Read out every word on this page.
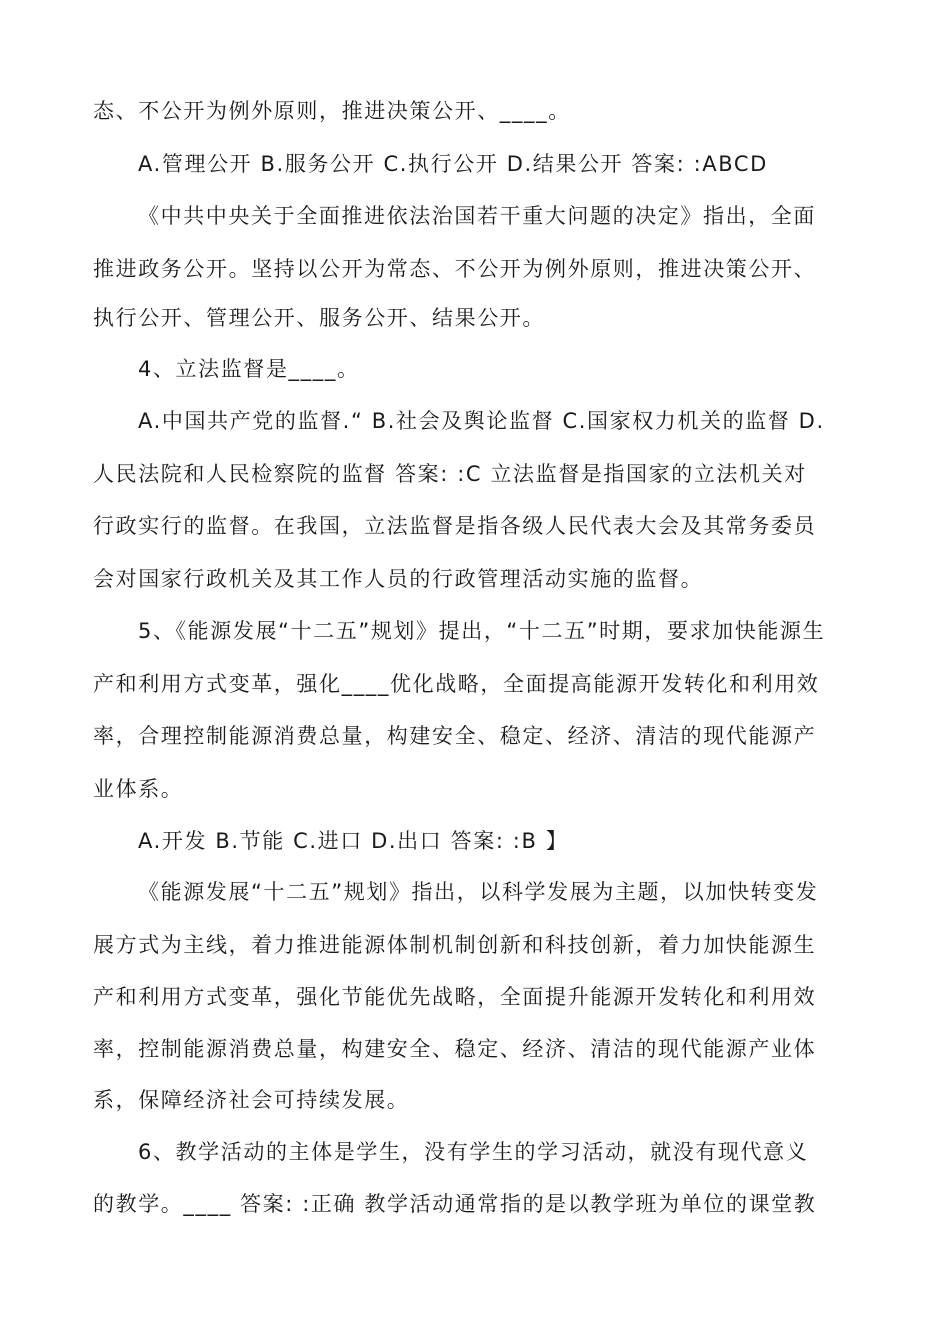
态、不公开为例外原则，推进决策公开、____。

A.管理公开 B.服务公开 C.执行公开 D.结果公开 答案: :ABCD

《中共中央关于全面推进依法治国若干重大问题的决定》指出，全面

推进政务公开。坚持以公开为常态、不公开为例外原则，推进决策公开、

执行公开、管理公开、服务公开、结果公开。

4、立法监督是____。

A.中国共产党的监督.“ B.社会及舆论监督 C.国家权力机关的监督 D.

人民法院和人民检察院的监督 答案: :C 立法监督是指国家的立法机关对

行政实行的监督。在我国，立法监督是指各级人民代表大会及其常务委员

会对国家行政机关及其工作人员的行政管理活动实施的监督。

5、《能源发展“十二五”规划》提出，“十二五”时期，要求加快能源生

产和利用方式变革，强化____优化战略，全面提高能源开发转化和利用效

率，合理控制能源消费总量，构建安全、稳定、经济、清洁的现代能源产

业体系。

A.开发 B.节能 C.进口 D.出口 答案: :B 】

《能源发展“十二五”规划》指出，以科学发展为主题，以加快转变发

展方式为主线，着力推进能源体制机制创新和科技创新，着力加快能源生

产和利用方式变革，强化节能优先战略，全面提升能源开发转化和利用效

率，控制能源消费总量，构建安全、稳定、经济、清洁的现代能源产业体

系，保障经济社会可持续发展。

6、教学活动的主体是学生，没有学生的学习活动，就没有现代意义

的教学。____ 答案: :正确 教学活动通常指的是以教学班为单位的课堂教
